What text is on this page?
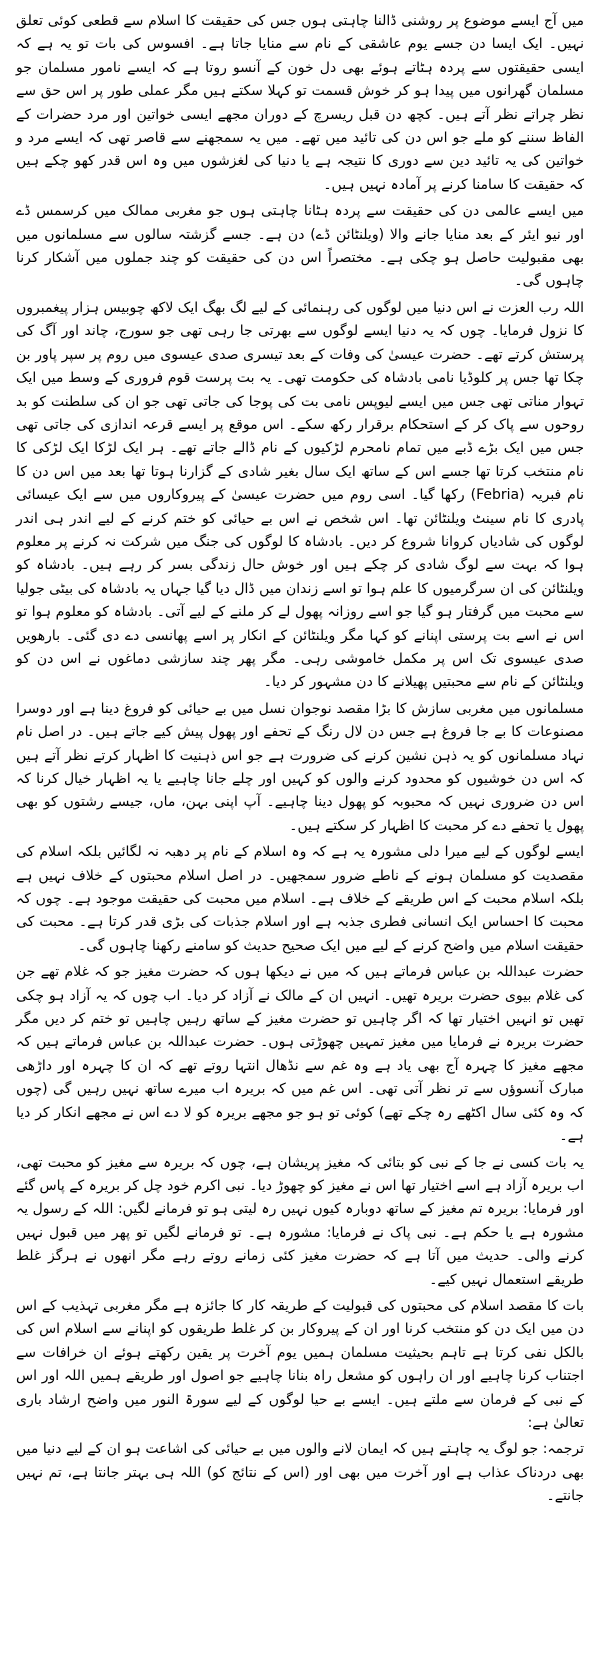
میں آج ایسے موضوع پر روشنی ڈالنا چاہتی ہوں جس کی حقیقت کا اسلام سے قطعی کوئی تعلق نہیں۔ ایک ایسا دن جسے یوم عاشقی کے نام سے منایا جاتا ہے۔ افسوس کی بات تو یہ ہے کہ ایسی حقیقتوں سے پردہ ہٹاتے ہوئے بھی دل خون کے آنسو روتا ہے کہ ایسے نامور مسلمان جو مسلمان گھرانوں میں پیدا ہو کر خوش قسمت تو کہلا سکتے ہیں مگر عملی طور پر اس حق سے نظر چراتے نظر آتے ہیں۔ کچھ دن قبل ریسرچ کے دوران مجھے ایسی خواتین اور مرد حضرات کے الفاظ سننے کو ملے جو اس دن کی تائید میں تھے۔ میں یہ سمجھنے سے قاصر تھی کہ ایسے مرد و خواتین کی یہ تائید دین سے دوری کا نتیجہ ہے یا دنیا کی لغزشوں میں وہ اس قدر کھو چکے ہیں کہ حقیقت کا سامنا کرنے پر آمادہ نہیں ہیں۔

میں ایسے عالمی دن کی حقیقت سے پردہ ہٹانا چاہتی ہوں جو مغربی ممالک میں کرسمس ڈے اور نیو ایئر کے بعد منایا جانے والا (ویلنٹائن ڈے) دن ہے۔ جسے گزشتہ سالوں سے مسلمانوں میں بھی مقبولیت حاصل ہو چکی ہے۔ مختصراً اس دن کی حقیقت کو چند جملوں میں آشکار کرنا چاہوں گی۔

اللہ رب العزت نے اس دنیا میں لوگوں کی رہنمائی کے لیے لگ بھگ ایک لاکھ چوبیس ہزار پیغمبروں کا نزول فرمایا۔ چوں کہ یہ دنیا ایسے لوگوں سے بھرتی جا رہی تھی جو سورج، چاند اور آگ کی پرستش کرتے تھے۔ حضرت عیسیٰ کی وفات کے بعد تیسری صدی عیسوی میں روم پر سپر پاور بن چکا تھا جس پر کلوڈیا نامی بادشاہ کی حکومت تھی۔ یہ بت پرست قوم فروری کے وسط میں ایک تہوار مناتی تھی جس میں ایسے لیوپس نامی بت کی پوجا کی جاتی تھی جو ان کی سلطنت کو بد روحوں سے پاک کر کے استحکام برقرار رکھ سکے۔ اس موقع پر ایسے قرعہ اندازی کی جاتی تھی جس میں ایک بڑے ڈبے میں تمام نامحرم لڑکیوں کے نام ڈالے جاتے تھے۔ ہر ایک لڑکا ایک لڑکی کا نام منتخب کرتا تھا جسے اس کے ساتھ ایک سال بغیر شادی کے گزارنا ہوتا تھا بعد میں اس دن کا نام فبریہ (Febria) رکھا گیا۔ اسی روم میں حضرت عیسیٰ کے پیروکاروں میں سے ایک عیسائی پادری کا نام سینٹ ویلنٹائن تھا۔ اس شخص نے اس بے حیائی کو ختم کرنے کے لیے اندر ہی اندر لوگوں کی شادیاں کروانا شروع کر دیں۔ بادشاہ کا لوگوں کی جنگ میں شرکت نہ کرنے پر معلوم ہوا کہ بہت سے لوگ شادی کر چکے ہیں اور خوش حال زندگی بسر کر رہے ہیں۔ بادشاہ کو ویلنٹائن کی ان سرگرمیوں کا علم ہوا تو اسے زندان میں ڈال دیا گیا جہاں یہ بادشاہ کی بیٹی جولیا سے محبت میں گرفتار ہو گیا جو اسے روزانہ پھول لے کر ملنے کے لیے آتی۔ بادشاہ کو معلوم ہوا تو اس نے اسے بت پرستی اپنانے کو کہا مگر ویلنٹائن کے انکار پر اسے پھانسی دے دی گئی۔ بارھویں صدی عیسوی تک اس پر مکمل خاموشی رہی۔ مگر پھر چند سازشی دماغوں نے اس دن کو ویلنٹائن کے نام سے محبتیں پھیلانے کا دن مشہور کر دیا۔

مسلمانوں میں مغربی سازش کا بڑا مقصد نوجوان نسل میں بے حیائی کو فروغ دینا ہے اور دوسرا مصنوعات کا بے جا فروغ ہے جس دن لال رنگ کے تحفے اور پھول پیش کیے جاتے ہیں۔ در اصل نام نہاد مسلمانوں کو یہ ذہن نشین کرنے کی ضرورت ہے جو اس ذہنیت کا اظہار کرتے نظر آتے ہیں کہ اس دن خوشیوں کو محدود کرنے والوں کو کہیں اور چلے جانا چاہیے یا یہ اظہار خیال کرنا کہ اس دن ضروری نہیں کہ محبوبہ کو پھول دینا چاہیے۔ آپ اپنی بہن، ماں، جیسے رشتوں کو بھی پھول یا تحفے دے کر محبت کا اظہار کر سکتے ہیں۔

ایسے لوگوں کے لیے میرا دلی مشورہ یہ ہے کہ وہ اسلام کے نام پر دھبہ نہ لگائیں بلکہ اسلام کی مقصدیت کو مسلمان ہونے کے ناطے ضرور سمجھیں۔ در اصل اسلام محبتوں کے خلاف نہیں ہے بلکہ اسلام محبت کے اس طریقے کے خلاف ہے۔ اسلام میں محبت کی حقیقت موجود ہے۔ چوں کہ محبت کا احساس ایک انسانی فطری جذبہ ہے اور اسلام جذبات کی بڑی قدر کرتا ہے۔ محبت کی حقیقت اسلام میں واضح کرنے کے لیے میں ایک صحیح حدیث کو سامنے رکھنا چاہوں گی۔

حضرت عبداللہ بن عباس فرماتے ہیں کہ میں نے دیکھا ہوں کہ حضرت مغیز جو کہ غلام تھے جن کی غلام بیوی حضرت بریرہ تھیں۔ انہیں ان کے مالک نے آزاد کر دیا۔ اب چوں کہ یہ آزاد ہو چکی تھیں تو انہیں اختیار تھا کہ اگر چاہیں تو حضرت مغیز کے ساتھ رہیں چاہیں تو ختم کر دیں مگر حضرت بریرہ نے فرمایا میں مغیز تمہیں چھوڑتی ہوں۔ حضرت عبداللہ بن عباس فرماتے ہیں کہ مجھے مغیز کا چہرہ آج بھی یاد ہے وہ غم سے نڈھال انتہا روتے تھے کہ ان کا چہرہ اور داڑھی مبارک آنسوؤں سے تر نظر آتی تھی۔ اس غم میں کہ بریرہ اب میرے ساتھ نہیں رہیں گی (چوں کہ وہ کئی سال اکٹھے رہ چکے تھے) کوئی تو ہو جو مجھے بریرہ کو لا دے اس نے مجھے انکار کر دیا ہے۔

یہ بات کسی نے جا کے نبی کو بتائی کہ مغیز پریشان ہے، چوں کہ بریرہ سے مغیز کو محبت تھی، اب بریرہ آزاد ہے اسے اختیار تھا اس نے مغیز کو چھوڑ دیا۔ نبی اکرم خود چل کر بریرہ کے پاس گئے اور فرمایا: بریرہ تم مغیز کے ساتھ دوبارہ کیوں نہیں رہ لیتی ہو تو فرمانے لگیں: اللہ کے رسول یہ مشورہ ہے یا حکم ہے۔ نبی پاک نے فرمایا: مشورہ ہے۔ تو فرمانے لگیں تو پھر میں قبول نہیں کرنے والی۔ حدیث میں آتا ہے کہ حضرت مغیز کئی زمانے روتے رہے مگر انھوں نے ہرگز غلط طریقے استعمال نہیں کیے۔

بات کا مقصد اسلام کی محبتوں کی قبولیت کے طریقہ کار کا جائزہ ہے مگر مغربی تہذیب کے اس دن میں ایک دن کو منتخب کرنا اور ان کے پیروکار بن کر غلط طریقوں کو اپنانے سے اسلام اس کی بالکل نفی کرتا ہے تاہم بحیثیت مسلمان ہمیں یوم آخرت پر یقین رکھتے ہوئے ان خرافات سے اجتناب کرنا چاہیے اور ان راہوں کو مشعل راہ بنانا چاہیے جو اصول اور طریقے ہمیں اللہ اور اس کے نبی کے فرمان سے ملتے ہیں۔ ایسے بے حیا لوگوں کے لیے سورۃ النور میں واضح ارشاد باری تعالیٰ ہے:

ترجمہ: جو لوگ یہ چاہتے ہیں کہ ایمان لانے والوں میں بے حیائی کی اشاعت ہو ان کے لیے دنیا میں بھی دردناک عذاب ہے اور آخرت میں بھی اور (اس کے نتائج کو) اللہ ہی بہتر جانتا ہے، تم نہیں جانتے۔
